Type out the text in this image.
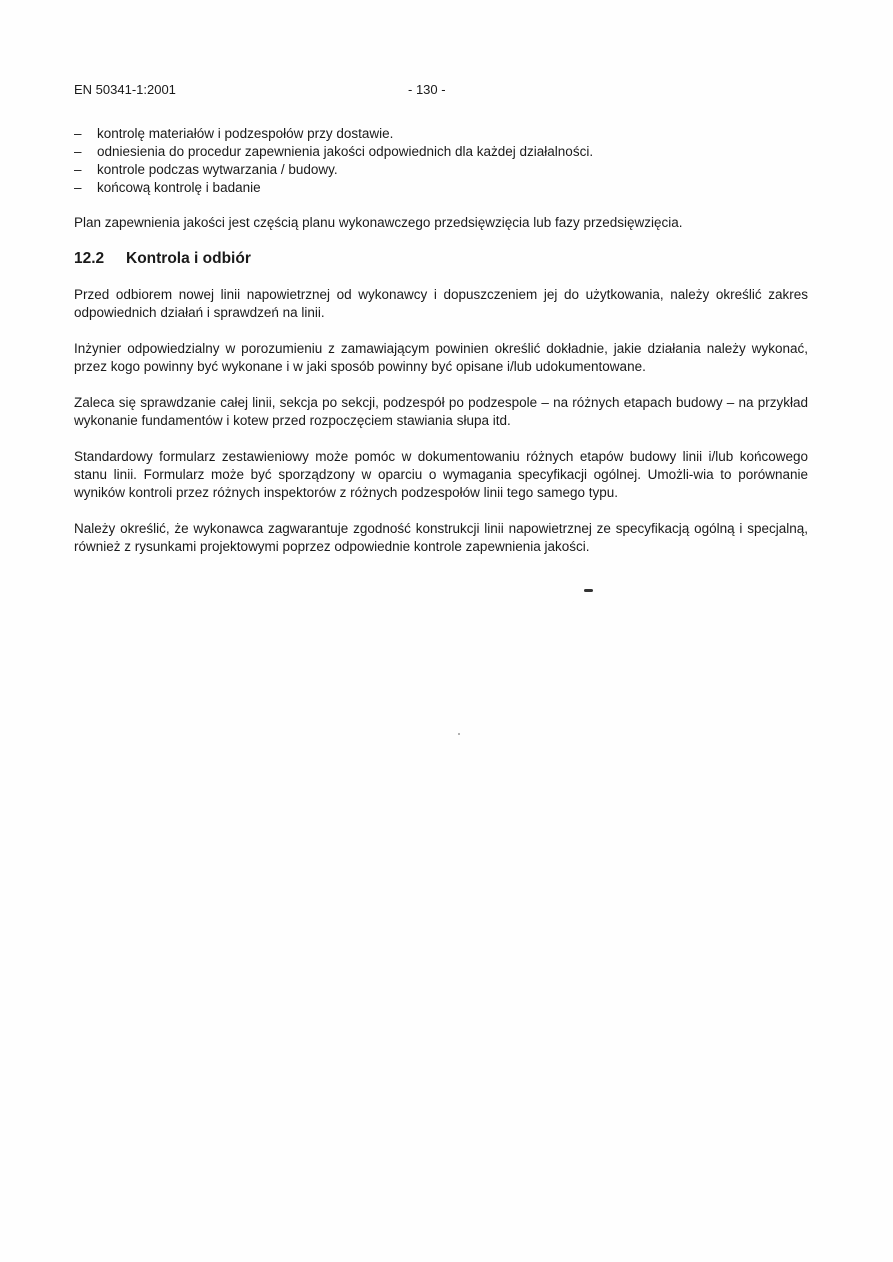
EN 50341-1:2001	- 130 -
– kontrolę materiałów i podzespołów przy dostawie.
– odniesienia do procedur zapewnienia jakości odpowiednich dla każdej działalności.
– kontrole podczas wytwarzania / budowy.
– końcową kontrolę i badanie

Plan zapewnienia jakości jest częścią planu wykonawczego przedsięwzięcia lub fazy przedsięwzięcia.

12.2 Kontrola i odbiór

Przed odbiorem nowej linii napowietrznej od wykonawcy i dopuszczeniem jej do użytkowania, należy określić zakres odpowiednich działań i sprawdzeń na linii.

Inżynier odpowiedzialny w porozumieniu z zamawiającym powinien określić dokładnie, jakie działania należy wykonać, przez kogo powinny być wykonane i w jaki sposób powinny być opisane i/lub udokumentowane.

Zaleca się sprawdzanie całej linii, sekcja po sekcji, podzespół po podzespole – na różnych etapach budowy – na przykład wykonanie fundamentów i kotew przed rozpoczęciem stawiania słupa itd.

Standardowy formularz zestawieniowy może pomóc w dokumentowaniu różnych etapów budowy linii i/lub końcowego stanu linii. Formularz może być sporządzony w oparciu o wymagania specyfikacji ogólnej. Umożli-wia to porównanie wyników kontroli przez różnych inspektorów z różnych podzespołów linii tego samego typu.

Należy określić, że wykonawca zagwarantuje zgodność konstrukcji linii napowietrznej ze specyfikacją ogólną i specjalną, również z rysunkami projektowymi poprzez odpowiednie kontrole zapewnienia jakości.
